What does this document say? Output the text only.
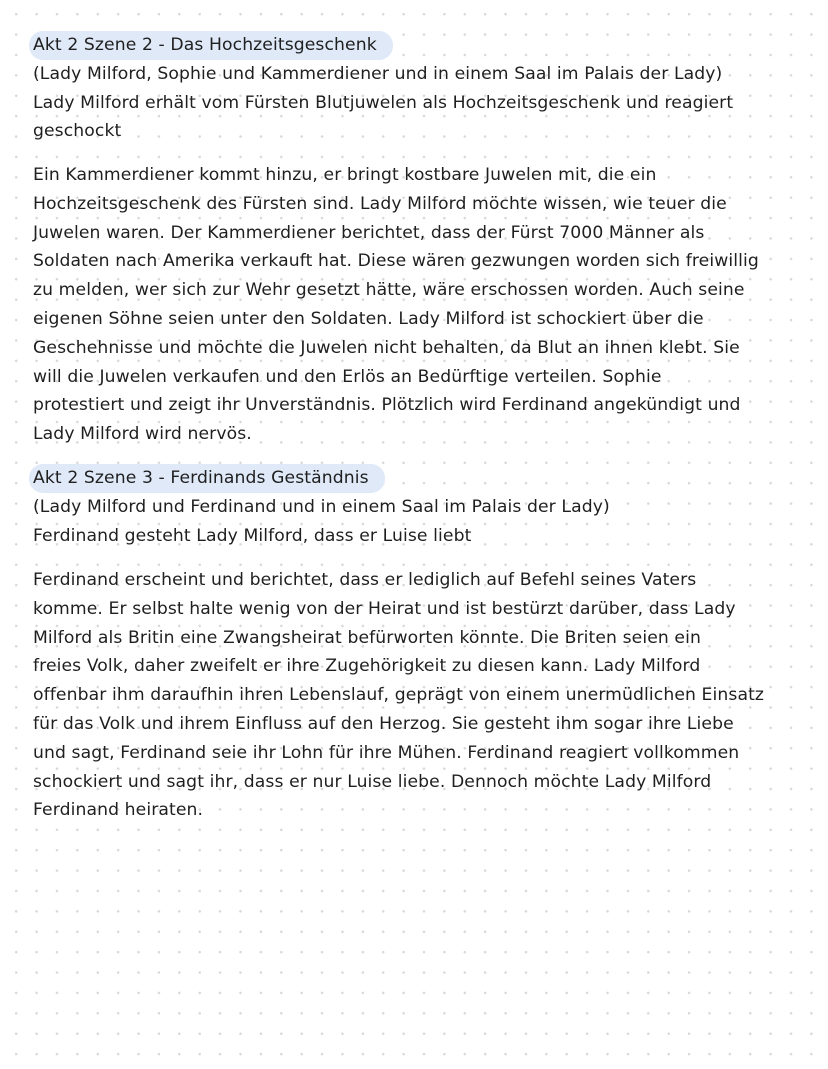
Akt 2 Szene 2 - Das Hochzeitsgeschenk
(Lady Milford, Sophie und Kammerdiener und in einem Saal im Palais der Lady)
Lady Milford erhält vom Fürsten Blutjuwelen als Hochzeitsgeschenk und reagiert
geschockt
Ein Kammerdiener kommt hinzu, er bringt kostbare Juwelen mit, die ein
Hochzeitsgeschenk des Fürsten sind. Lady Milford möchte wissen, wie teuer die
Juwelen waren. Der Kammerdiener berichtet, dass der Fürst 7000 Männer als
Soldaten nach Amerika verkauft hat. Diese wären gezwungen worden sich freiwillig
zu melden, wer sich zur Wehr gesetzt hätte, wäre erschossen worden. Auch seine
eigenen Söhne seien unter den Soldaten. Lady Milford ist schockiert über die
Geschehnisse und möchte die Juwelen nicht behalten, da Blut an ihnen klebt. Sie
will die Juwelen verkaufen und den Erlös an Bedürftige verteilen. Sophie
protestiert und zeigt ihr Unverständnis. Plötzlich wird Ferdinand angekündigt und
Lady Milford wird nervös.
Akt 2 Szene 3 - Ferdinands Geständnis
(Lady Milford und Ferdinand und in einem Saal im Palais der Lady)
Ferdinand gesteht Lady Milford, dass er Luise liebt
Ferdinand erscheint und berichtet, dass er lediglich auf Befehl seines Vaters
komme. Er selbst halte wenig von der Heirat und ist bestürzt darüber, dass Lady
Milford als Britin eine Zwangsheirat befürworten könnte. Die Briten seien ein
freies Volk, daher zweifelt er ihre Zugehörigkeit zu diesen kann. Lady Milford
offenbar ihm daraufhin ihren Lebenslauf, geprägt von einem unermüdlichen Einsatz
für das Volk und ihrem Einfluss auf den Herzog. Sie gesteht ihm sogar ihre Liebe
und sagt, Ferdinand seie ihr Lohn für ihre Mühen. Ferdinand reagiert vollkommen
schockiert und sagt ihr, dass er nur Luise liebe. Dennoch möchte Lady Milford
Ferdinand heiraten.
